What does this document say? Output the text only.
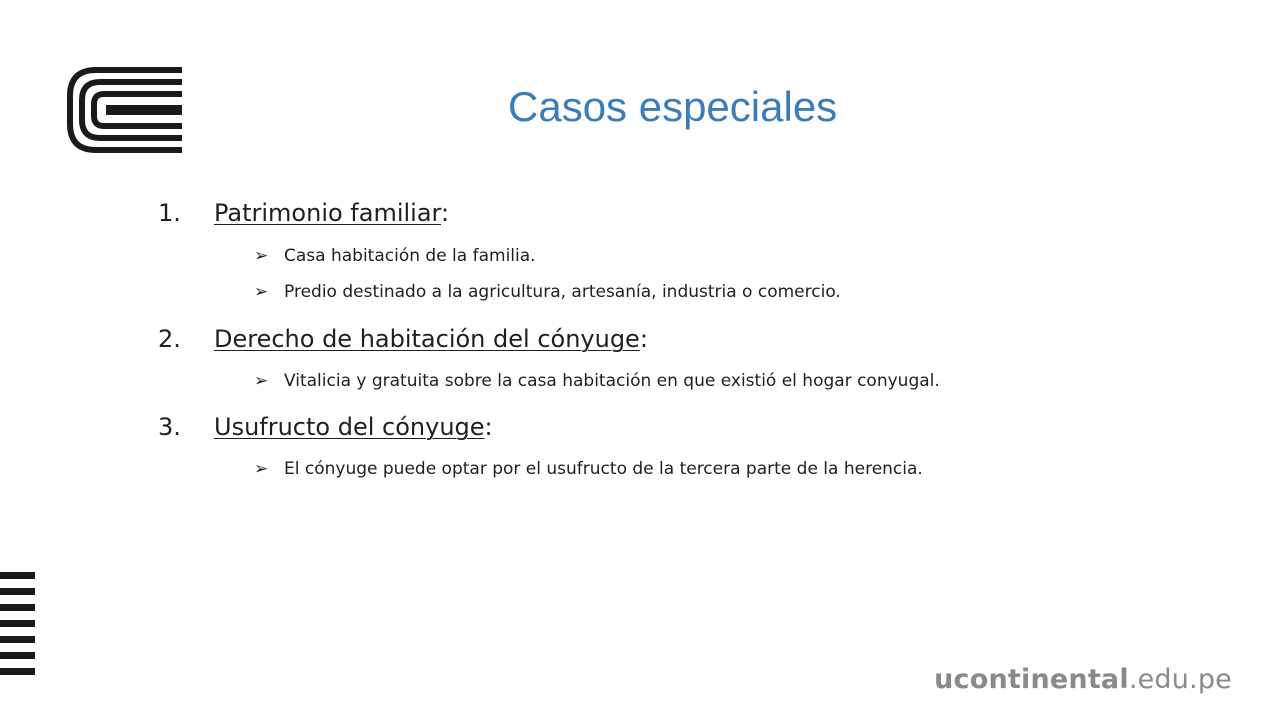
Casos especiales
1. Patrimonio familiar:
➢ Casa habitación de la familia.
➢ Predio destinado a la agricultura, artesanía, industria o comercio.
2. Derecho de habitación del cónyuge:
➢ Vitalicia y gratuita sobre la casa habitación en que existió el hogar conyugal.
3. Usufructo del cónyuge:
➢ El cónyuge puede optar por el usufructo de la tercera parte de la herencia.
ucontinental.edu.pe
